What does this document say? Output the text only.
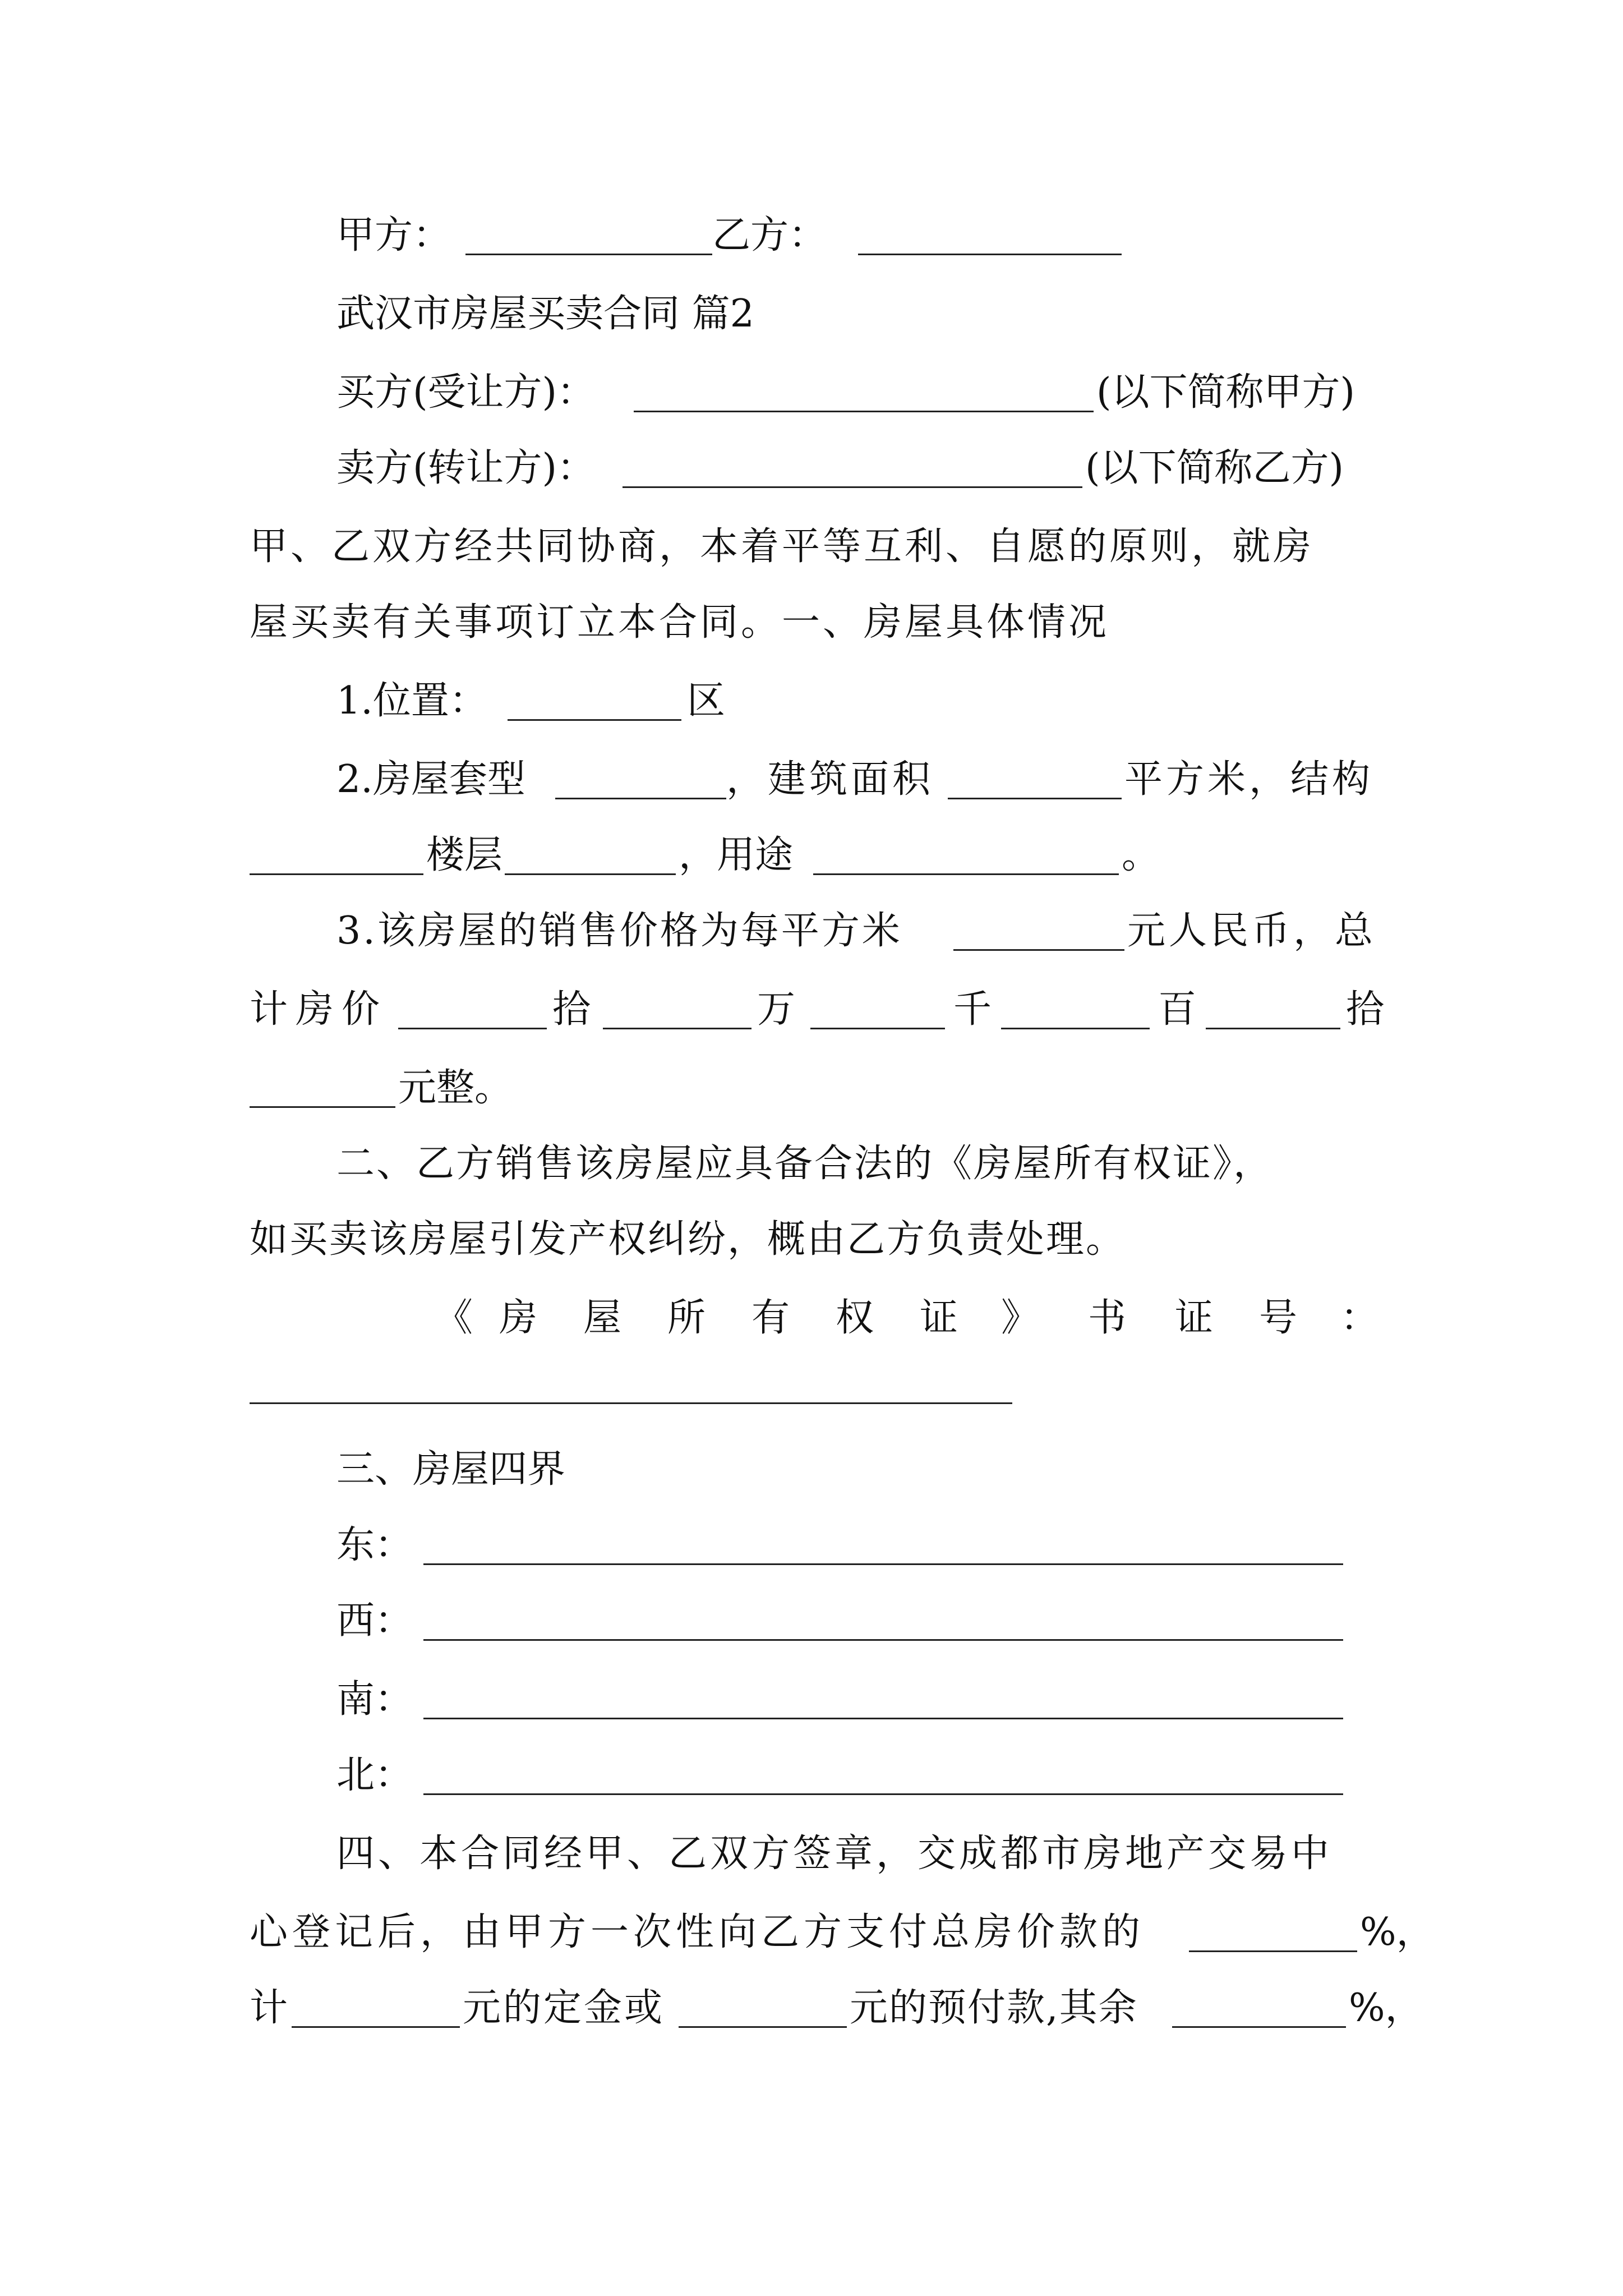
甲方：	乙方：
武汉市房屋买卖合同 篇2
买方(受让方)：	(以下简称甲方)
卖方(转让方)：	(以下简称乙方)
甲、乙双方经共同协商，本着平等互利、自愿的原则，就房
屋买卖有关事项订立本合同。一、房屋具体情况
1.位置：	区
2.房屋套型	，建筑面积	平方米，结构
楼层	，用途	。
3.该房屋的销售价格为每平方米	元人民币，总
计房价	拾	万	千	百	拾
元整。
二、乙方销售该房屋应具备合法的《房屋所有权证》，
如买卖该房屋引发产权纠纷，概由乙方负责处理。
《 房 屋 所 有 权 证 》 书 证 号 ：
三、房屋四界
东：
西：
南：
北：
四、本合同经甲、乙双方签章，交成都市房地产交易中
心登记后，由甲方一次性向乙方支付总房价款的	%，
计	元的定金或	元的预付款,其余	%，
